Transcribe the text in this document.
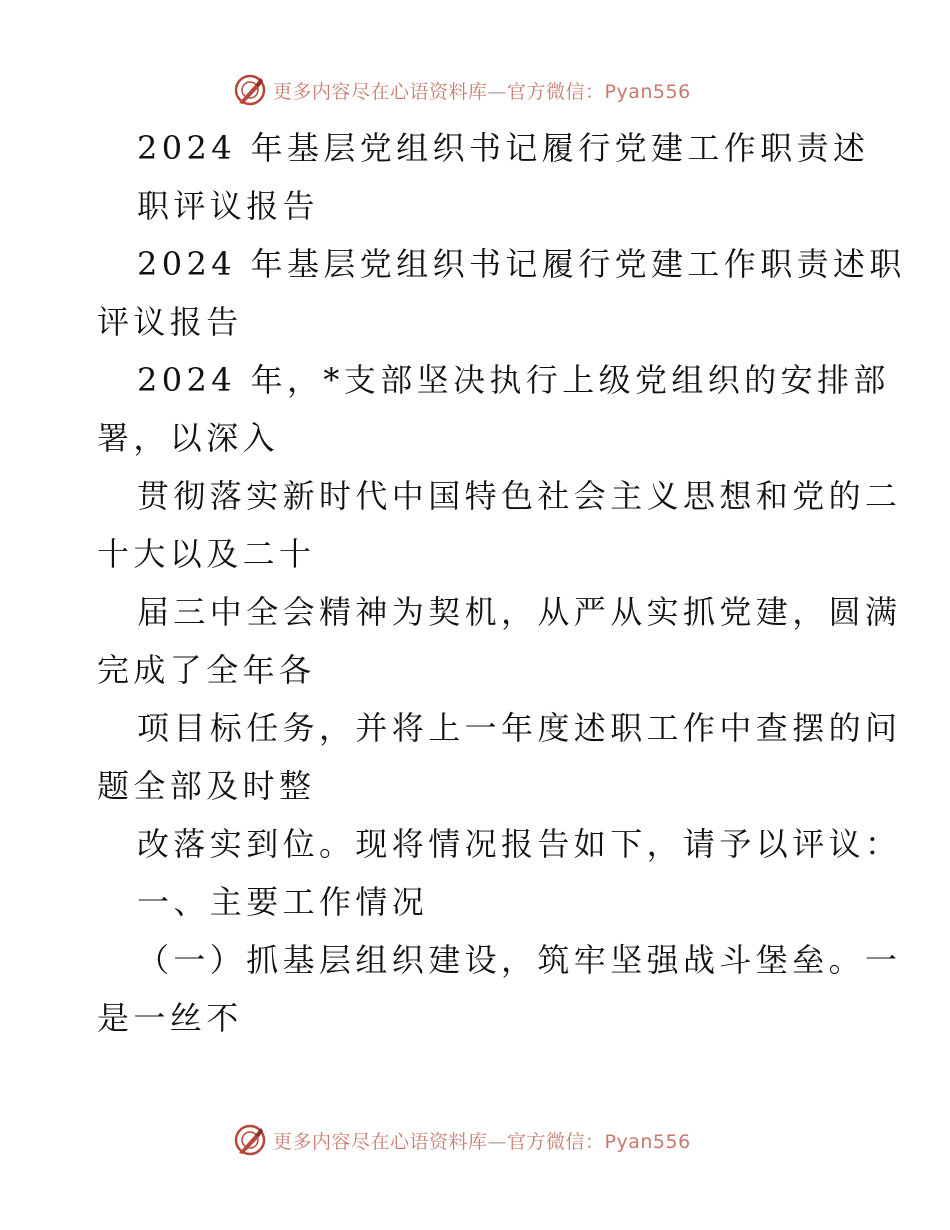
更多内容尽在心语资料库—官方微信：Pyan556
2024 年基层党组织书记履行党建工作职责述
职评议报告
2024 年基层党组织书记履行党建工作职责述职
评议报告
2024 年，*支部坚决执行上级党组织的安排部
署，以深入
贯彻落实新时代中国特色社会主义思想和党的二
十大以及二十
届三中全会精神为契机，从严从实抓党建，圆满
完成了全年各
项目标任务，并将上一年度述职工作中查摆的问
题全部及时整
改落实到位。现将情况报告如下，请予以评议：
一、主要工作情况
（一）抓基层组织建设，筑牢坚强战斗堡垒。一
是一丝不
更多内容尽在心语资料库—官方微信：Pyan556
